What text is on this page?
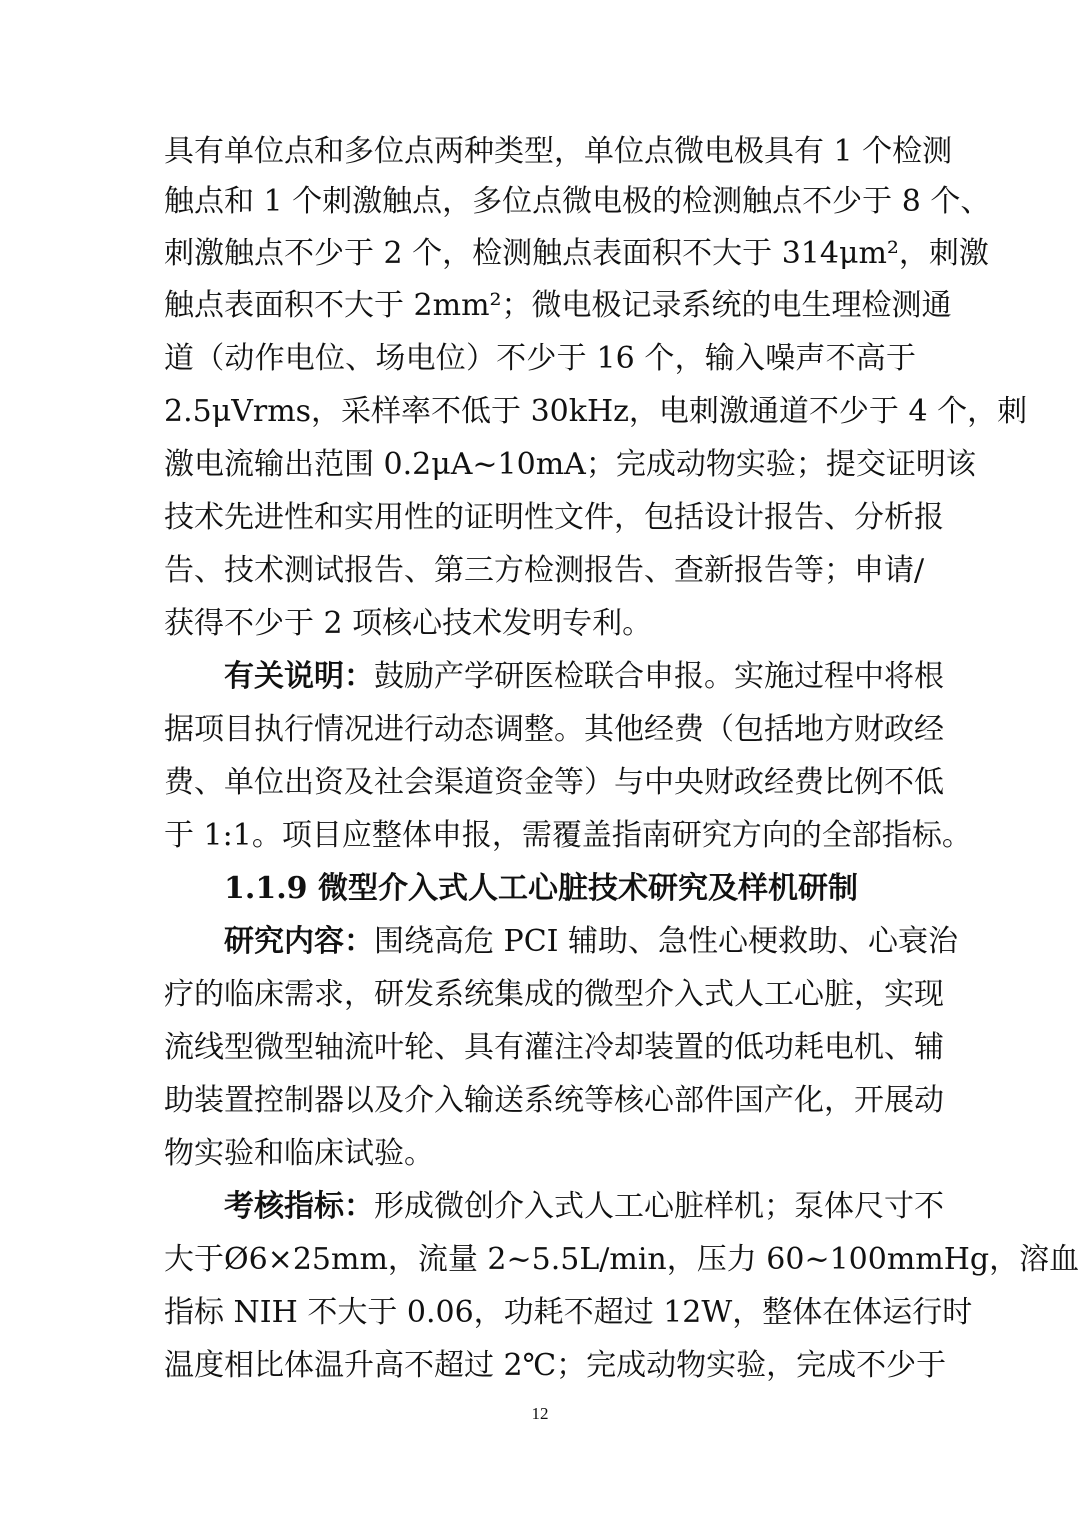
具有单位点和多位点两种类型，单位点微电极具有 1 个检测
触点和 1 个刺激触点，多位点微电极的检测触点不少于 8 个、
刺激触点不少于 2 个，检测触点表面积不大于 314μm²，刺激
触点表面积不大于 2mm²；微电极记录系统的电生理检测通
道（动作电位、场电位）不少于 16 个，输入噪声不高于
2.5μVrms，采样率不低于 30kHz，电刺激通道不少于 4 个，刺
激电流输出范围 0.2μA~10mA；完成动物实验；提交证明该
技术先进性和实用性的证明性文件，包括设计报告、分析报
告、技术测试报告、第三方检测报告、查新报告等；申请/
获得不少于 2 项核心技术发明专利。
有关说明： 鼓励产学研医检联合申报。实施过程中将根
据项目执行情况进行动态调整。其他经费（包括地方财政经
费、单位出资及社会渠道资金等）与中央财政经费比例不低
于 1:1。项目应整体申报，需覆盖指南研究方向的全部指标。
1.1.9 微型介入式人工心脏技术研究及样机研制
研究内容： 围绕高危 PCI 辅助、急性心梗救助、心衰治
疗的临床需求，研发系统集成的微型介入式人工心脏，实现
流线型微型轴流叶轮、具有灌注冷却装置的低功耗电机、辅
助装置控制器以及介入输送系统等核心部件国产化，开展动
物实验和临床试验。
考核指标： 形成微创介入式人工心脏样机；泵体尺寸不
大于Ø6×25mm，流量 2~5.5L/min，压力 60~100mmHg，溶血
指标 NIH 不大于 0.06，功耗不超过 12W，整体在体运行时
温度相比体温升高不超过 2℃；完成动物实验，完成不少于
12
